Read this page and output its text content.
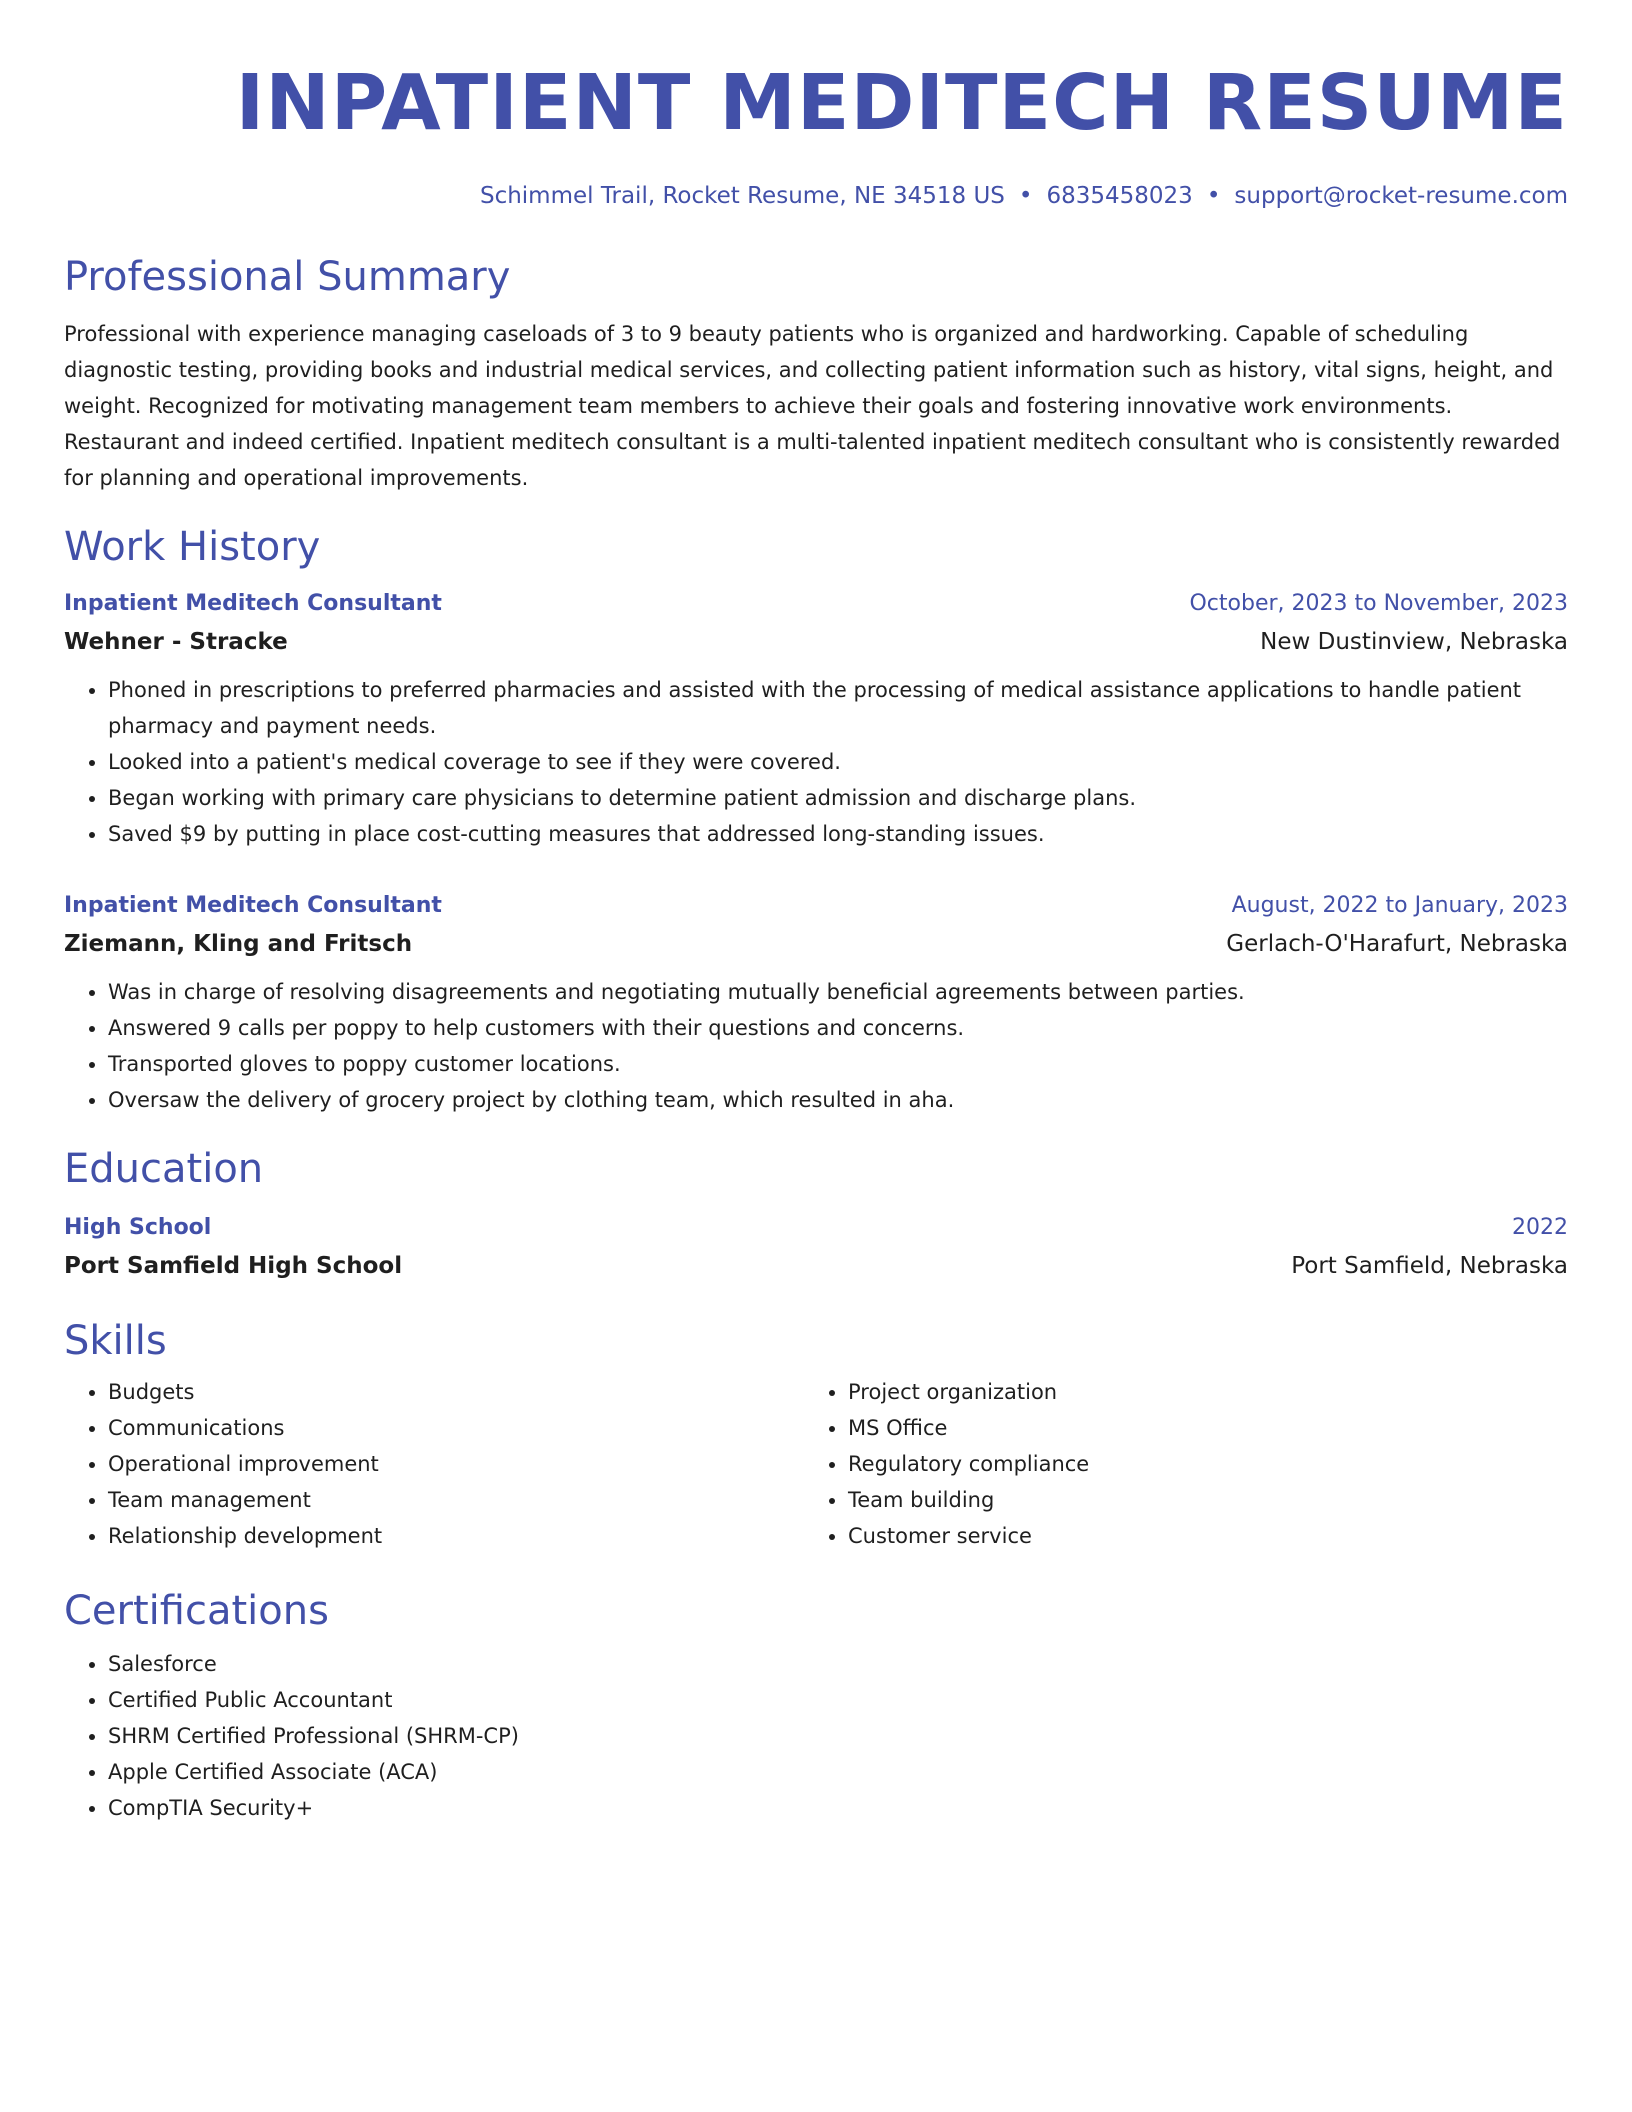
INPATIENT MEDITECH RESUME
Schimmel Trail, Rocket Resume, NE 34518 US • 6835458023 • support@rocket-resume.com
Professional Summary

Professional with experience managing caseloads of 3 to 9 beauty patients who is organized and hardworking. Capable of scheduling diagnostic testing, providing books and industrial medical services, and collecting patient information such as history, vital signs, height, and weight. Recognized for motivating management team members to achieve their goals and fostering innovative work environments. Restaurant and indeed certified. Inpatient meditech consultant is a multi-talented inpatient meditech consultant who is consistently rewarded for planning and operational improvements.

Work History
Inpatient Meditech Consultant	October, 2023 to November, 2023
Wehner - Stracke	New Dustinview, Nebraska
• Phoned in prescriptions to preferred pharmacies and assisted with the processing of medical assistance applications to handle patient pharmacy and payment needs.
• Looked into a patient's medical coverage to see if they were covered.
• Began working with primary care physicians to determine patient admission and discharge plans.
• Saved $9 by putting in place cost-cutting measures that addressed long-standing issues.
Inpatient Meditech Consultant	August, 2022 to January, 2023
Ziemann, Kling and Fritsch	Gerlach-O'Harafurt, Nebraska
• Was in charge of resolving disagreements and negotiating mutually beneficial agreements between parties.
• Answered 9 calls per poppy to help customers with their questions and concerns.
• Transported gloves to poppy customer locations.
• Oversaw the delivery of grocery project by clothing team, which resulted in aha.
Education
High School	2022
Port Samfield High School	Port Samfield, Nebraska
Skills
• Budgets
• Communications
• Operational improvement
• Team management
• Relationship development
• Project organization
• MS Office
• Regulatory compliance
• Team building
• Customer service
Certifications
• Salesforce
• Certified Public Accountant
• SHRM Certified Professional (SHRM-CP)
• Apple Certified Associate (ACA)
• CompTIA Security+
